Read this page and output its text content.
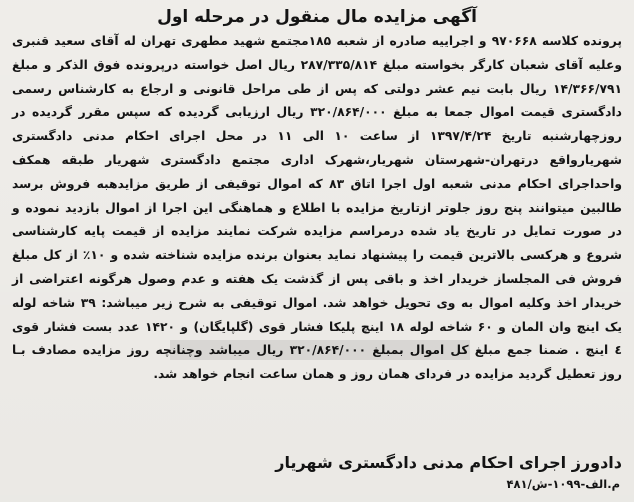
آگهی مزایده مال منقول در مرحله اول

پرونده کلاسه ۹۷۰۶۶۸ و اجراییه صادره از شعبه ۱۸۵مجتمع شهید مطهری تهران له آقای سعید قنبری وعلیه آقای شعبان کارگر بخواسته مبلغ ۲۸۷/۳۳۵/۸۱۴ ریال اصل خواسته درپرونده فوق الذکر و مبلغ ۱۴/۳۶۶/۷۹۱ ریال بابت نیم عشر دولتی که پس از طی مراحل قانونی و ارجاع به کارشناس رسمی دادگستری قیمت اموال جمعا به مبلغ ۳۲۰/۸۶۴/۰۰۰ ریال ارزیابی گردیده که سپس مقرر گردیده در روزچهارشنبه تاریخ ۱۳۹۷/۴/۲۴ از ساعت ۱۰ الی ۱۱ در محل اجرای احکام مدنی دادگستری شهریارواقع درتهران-شهرستان شهریار،شهرک اداری مجتمع دادگستری شهریار طبقه همکف واحداجرای احکام مدنی شعبه اول اجرا اتاق ۸۳ که اموال توقیفی از طریق مزایدهبه فروش برسد طالبین میتوانند پنج روز جلوتر ازتاریخ مزایده با اطلاع و هماهنگی این اجرا از اموال بازدید نموده و در صورت تمایل در تاریخ یاد شده درمراسم مزایده شرکت نمایند مزایده از قیمت پایه کارشناسی شروع و هرکسی بالاترین قیمت را پیشنهاد نماید بعنوان برنده مزایده شناخته شده و ۱۰٪ از کل مبلغ فروش فی المجلساز خریدار اخذ و باقی پس از گذشت یک هفته و عدم وصول هرگونه اعتراضی از خریدار اخذ وکلیه اموال به وی تحویل خواهد شد. اموال توقیفی به شرح زیر میباشد: ۳۹ شاخه لوله یک اینچ وان المان و ۶۰ شاخه لوله ۱۸ اینچ پلیکا فشار قوی (گلپایگان) و ۱۴۲۰ عدد بست فشار قوی ٤ اینچ . ضمنا جمع مبلغ کل اموال بمبلغ ۳۲۰/۸۶۴/۰۰۰ ریال میباشد وچنانچه روز مزایده مصادف بـا روز تعطیل گردید مزایده در فردای همان روز و همان ساعت انجام خواهد شد.

دادورز اجرای احکام مدنی دادگستری شهریار
م.الف-۱۰۹۹-ش/۴۸۱
